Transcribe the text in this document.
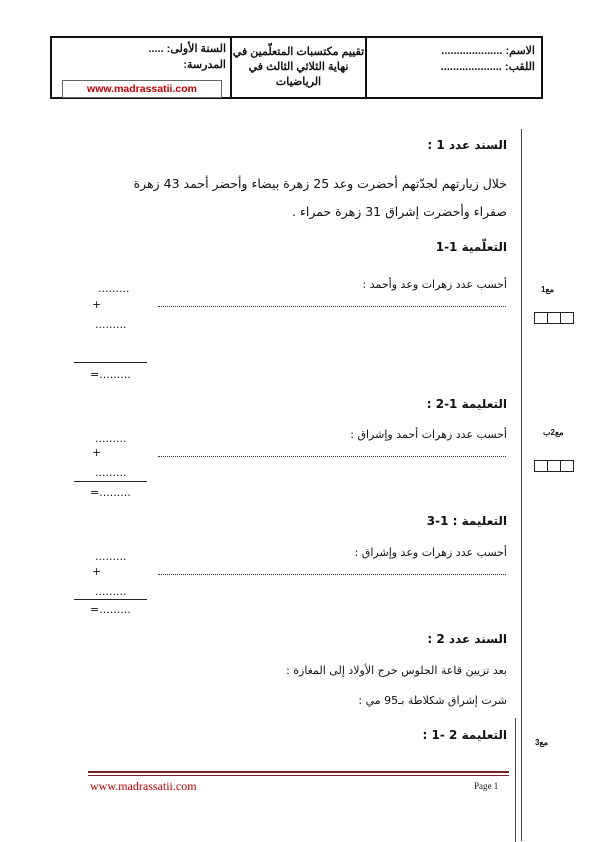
الاسم: ....................
اللقب: ....................
تقييم مكتسبات المتعلّمين في
نهاية الثلاثي الثالث في
الرياضيات
السنة الأولى: .....
المدرسة:
www.madrassatii.com
مع1
مع2ب
مع3
السند عدد 1 :
خلال زيارتهم لجدّتهم أحضرت وعد 25 زهرة بيضاء وأحضر أحمد 43 زهرة
صفراء وأحضرت إشراق 31 زهرة حمراء .
التعلّمية 1-1
أحسب عدد زهرات وعد وأحمد :
.........
+
.........
=.........
التعليمة 1-2 :
أحسب عدد زهرات أحمد وإشراق :
.........
+
.........
=.........
التعليمة : 1-3
أحسب عدد زهرات وعد وإشراق :
.........
+
.........
=.........
السند عدد 2 :
بعد تزيين قاعة الجلوس خرج الأولاد إلى المغازة :
شرت إشراق شكلاطة بـ95 مي :
التعليمة 2 -1 :
www.madrassatii.com	Page 1
